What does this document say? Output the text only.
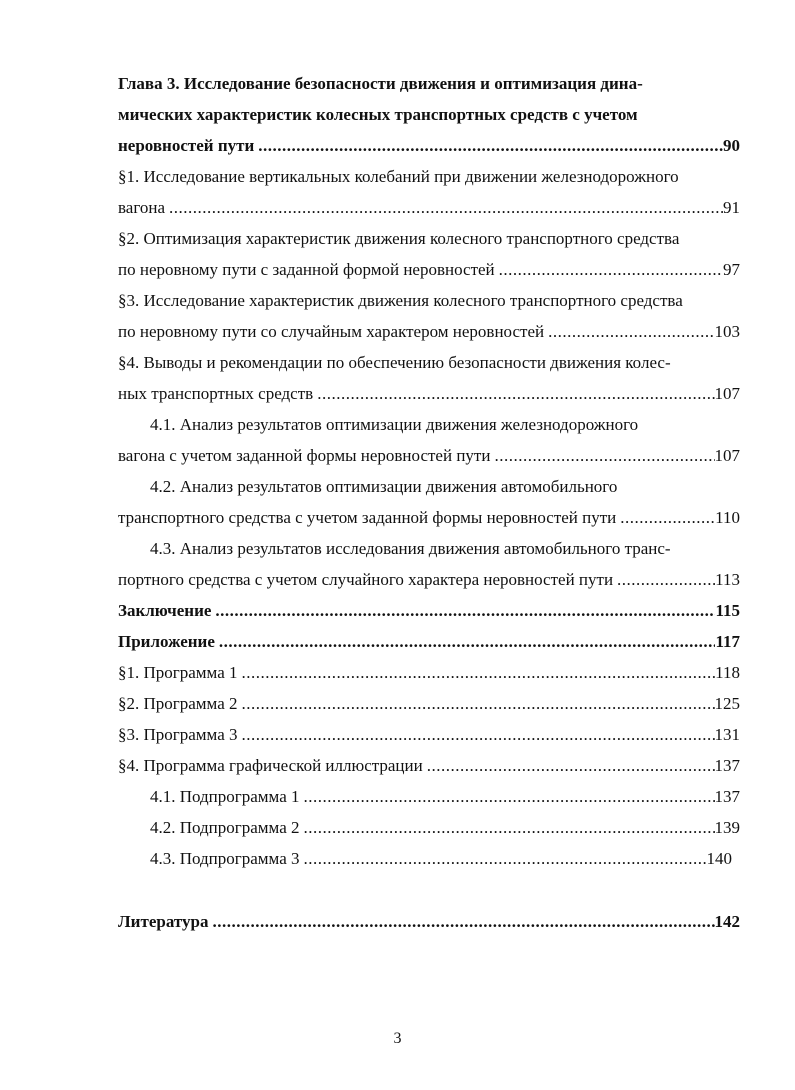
Глава 3. Исследование безопасности движения и оптимизация дина-
мических характеристик колесных транспортных средств с учетом
неровностей пути .....	90
§1. Исследование вертикальных колебаний при движении железнодорожного
вагона .....	91
§2. Оптимизация характеристик движения колесного транспортного средства
по неровному пути с заданной формой неровностей .....	97
§3. Исследование характеристик движения колесного транспортного средства
по неровному пути со случайным характером неровностей .....	103
§4. Выводы и рекомендации по обеспечению безопасности движения колес-
ных транспортных средств .....	107
4.1. Анализ результатов оптимизации движения железнодорожного
вагона с учетом заданной формы неровностей пути .....	107
4.2. Анализ результатов оптимизации движения автомобильного
транспортного средства с учетом заданной формы неровностей пути .....	110
4.3. Анализ результатов исследования движения автомобильного транс-
портного средства с учетом случайного характера неровностей пути .....	113
Заключение .....	115
Приложение .....	117
§1. Программа 1 .....	118
§2. Программа 2 .....	125
§3. Программа 3 .....	131
§4. Программа графической иллюстрации .....	137
4.1. Подпрограмма 1 .....	137
4.2. Подпрограмма 2 .....	139
4.3. Подпрограмма 3 .....	140
Литература .....	142
3
